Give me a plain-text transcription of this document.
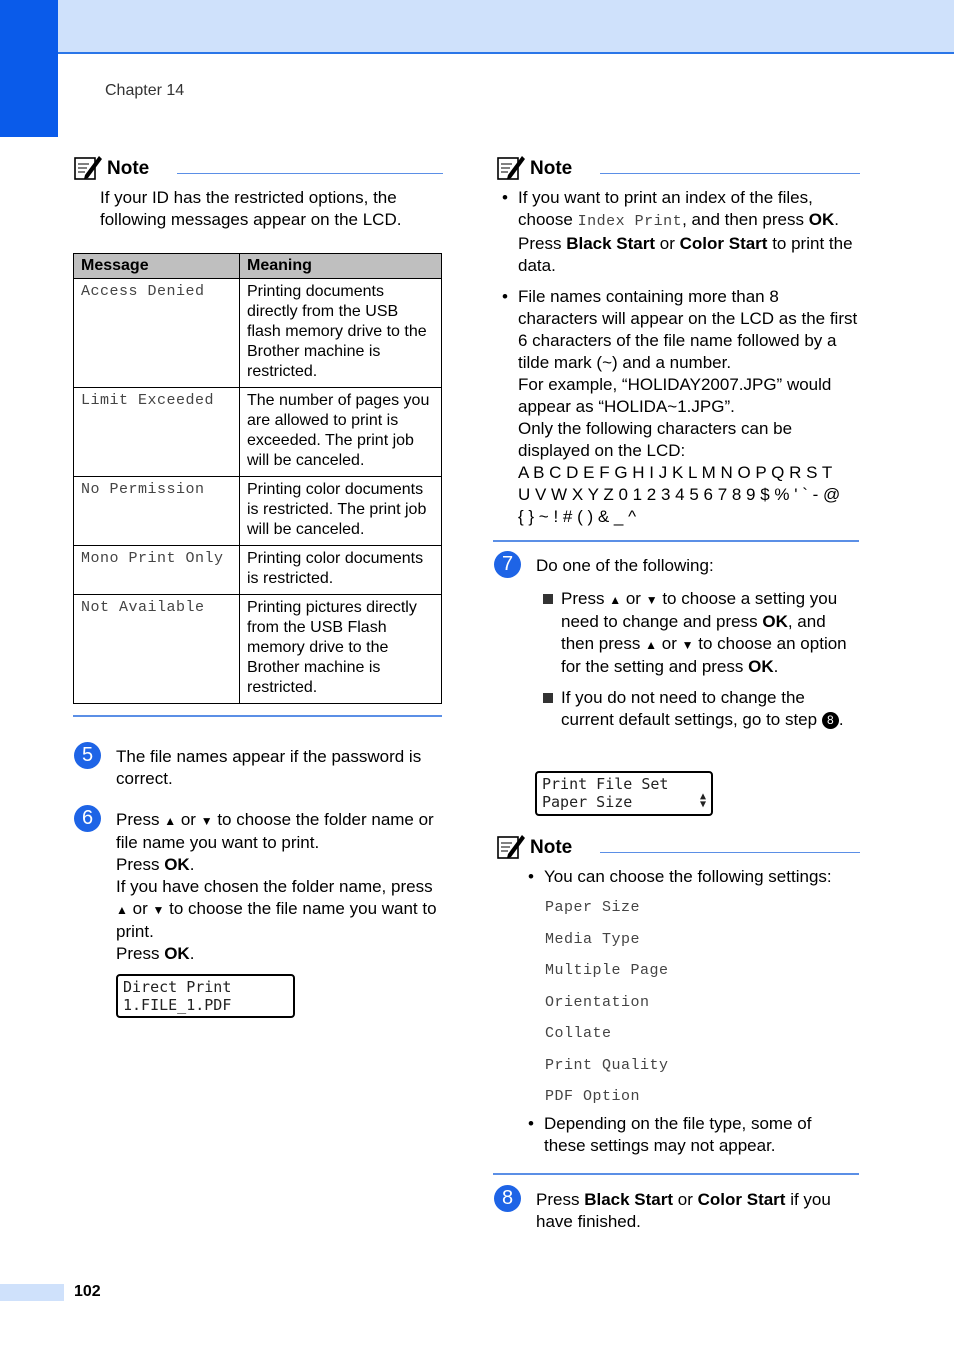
Chapter 14
Note
If your ID has the restricted options, the following messages appear on the LCD.
Message	Meaning
Access Denied	Printing documents directly from the USB flash memory drive to the Brother machine is restricted.
Limit Exceeded	The number of pages you are allowed to print is exceeded. The print job will be canceled.
No Permission	Printing color documents is restricted. The print job will be canceled.
Mono Print Only	Printing color documents is restricted.
Not Available	Printing pictures directly from the USB Flash memory drive to the Brother machine is restricted.
5	The file names appear if the password is correct.
6	Press ▲ or ▼ to choose the folder name or file name you want to print.
Press OK.
If you have chosen the folder name, press ▲ or ▼ to choose the file name you want to print.
Press OK.
Direct Print
1.FILE_1.PDF
Note
• If you want to print an index of the files, choose Index Print, and then press OK. Press Black Start or Color Start to print the data.
• File names containing more than 8 characters will appear on the LCD as the first 6 characters of the file name followed by a tilde mark (~) and a number.
For example, “HOLIDAY2007.JPG” would appear as “HOLIDA~1.JPG”.
Only the following characters can be displayed on the LCD:
A B C D E F G H I J K L M N O P Q R S T
U V W X Y Z 0 1 2 3 4 5 6 7 8 9 $ % ' ` - @
{ } ~ ! # ( ) & _ ^
7	Do one of the following:
Press ▲ or ▼ to choose a setting you need to change and press OK, and then press ▲ or ▼ to choose an option for the setting and press OK.
If you do not need to change the current default settings, go to step 8 .
Print File Set
Paper Size	▲
▼
Note
• You can choose the following settings:
Paper Size
Media Type
Multiple Page
Orientation
Collate
Print Quality
PDF Option
• Depending on the file type, some of these settings may not appear.
8	Press Black Start or Color Start if you have finished.
102
